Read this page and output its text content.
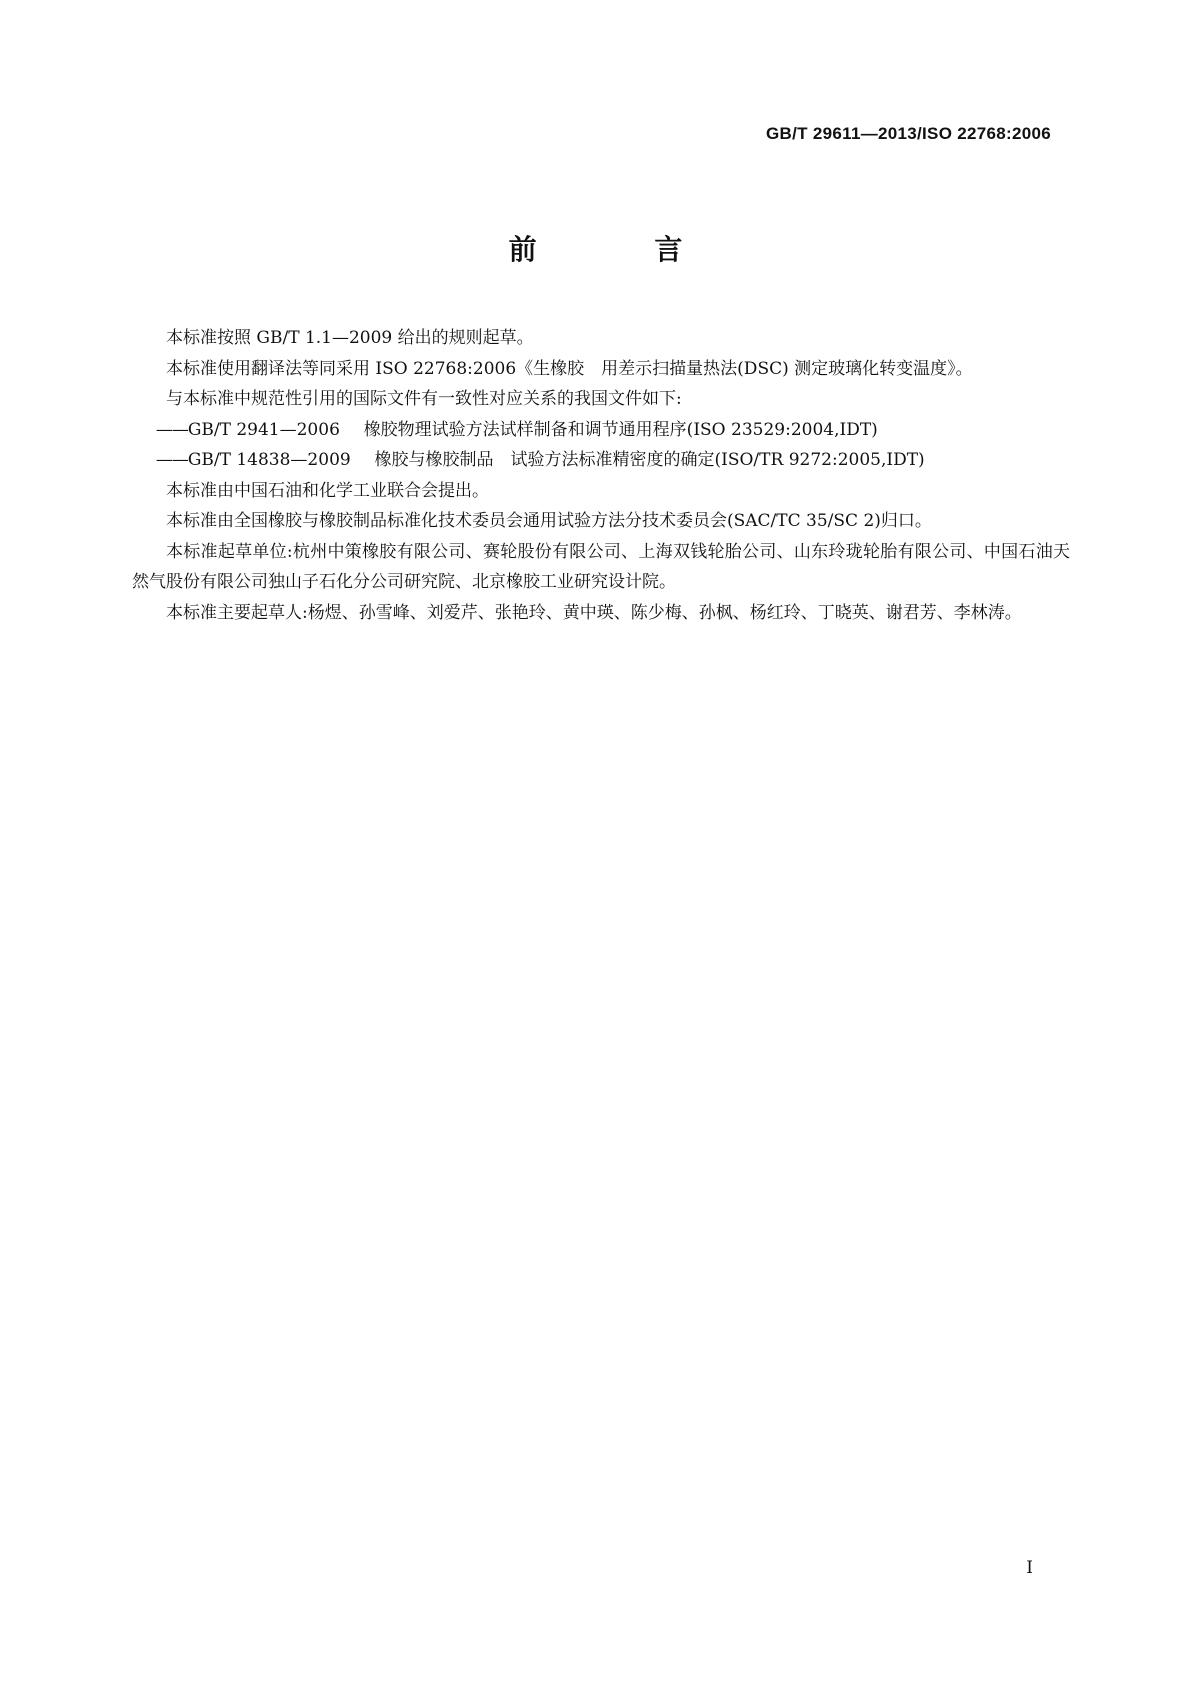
GB/T 29611—2013/ISO 22768:2006
前 言

本标准按照 GB/T 1.1—2009 给出的规则起草。

本标准使用翻译法等同采用 ISO 22768:2006《生橡胶　用差示扫描量热法(DSC) 测定玻璃化转变温度》。

与本标准中规范性引用的国际文件有一致性对应关系的我国文件如下:

——GB/T 2941—2006 橡胶物理试验方法试样制备和调节通用程序(ISO 23529:2004,IDT)

——GB/T 14838—2009 橡胶与橡胶制品　试验方法标准精密度的确定(ISO/TR 9272:2005,IDT)

本标准由中国石油和化学工业联合会提出。

本标准由全国橡胶与橡胶制品标准化技术委员会通用试验方法分技术委员会(SAC/TC 35/SC 2)归口。

本标准起草单位:杭州中策橡胶有限公司、赛轮股份有限公司、上海双钱轮胎公司、山东玲珑轮胎有限公司、中国石油天然气股份有限公司独山子石化分公司研究院、北京橡胶工业研究设计院。

本标准主要起草人:杨煜、孙雪峰、刘爱芹、张艳玲、黄中瑛、陈少梅、孙枫、杨红玲、丁晓英、谢君芳、李林涛。

I
